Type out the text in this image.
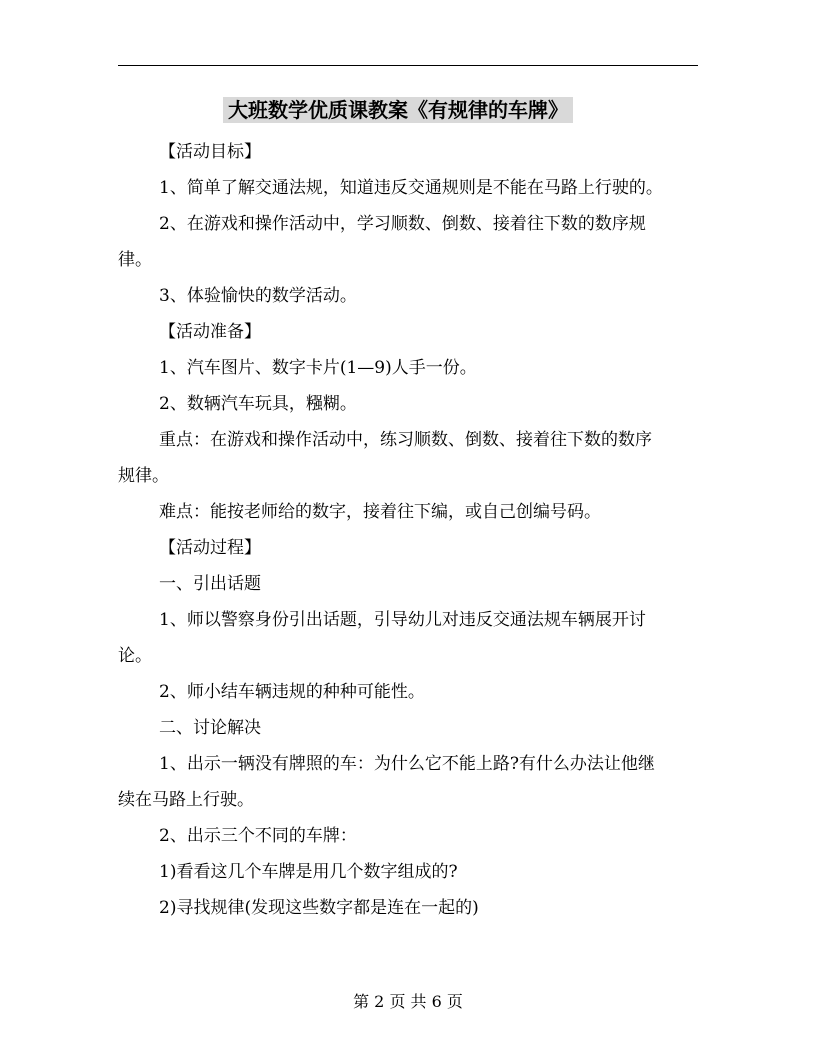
大班数学优质课教案《有规律的车牌》
【活动目标】
1、简单了解交通法规，知道违反交通规则是不能在马路上行驶的。
2、在游戏和操作活动中，学习顺数、倒数、接着往下数的数序规
律。
3、体验愉快的数学活动。
【活动准备】
1、汽车图片、数字卡片(1—9)人手一份。
2、数辆汽车玩具，糨糊。
重点：在游戏和操作活动中，练习顺数、倒数、接着往下数的数序
规律。
难点：能按老师给的数字，接着往下编，或自己创编号码。
【活动过程】
一、引出话题
1、师以警察身份引出话题，引导幼儿对违反交通法规车辆展开讨
论。
2、师小结车辆违规的种种可能性。
二、讨论解决
1、出示一辆没有牌照的车：为什么它不能上路?有什么办法让他继
续在马路上行驶。
2、出示三个不同的车牌：
1)看看这几个车牌是用几个数字组成的?
2)寻找规律(发现这些数字都是连在一起的)
第 2 页 共 6 页
